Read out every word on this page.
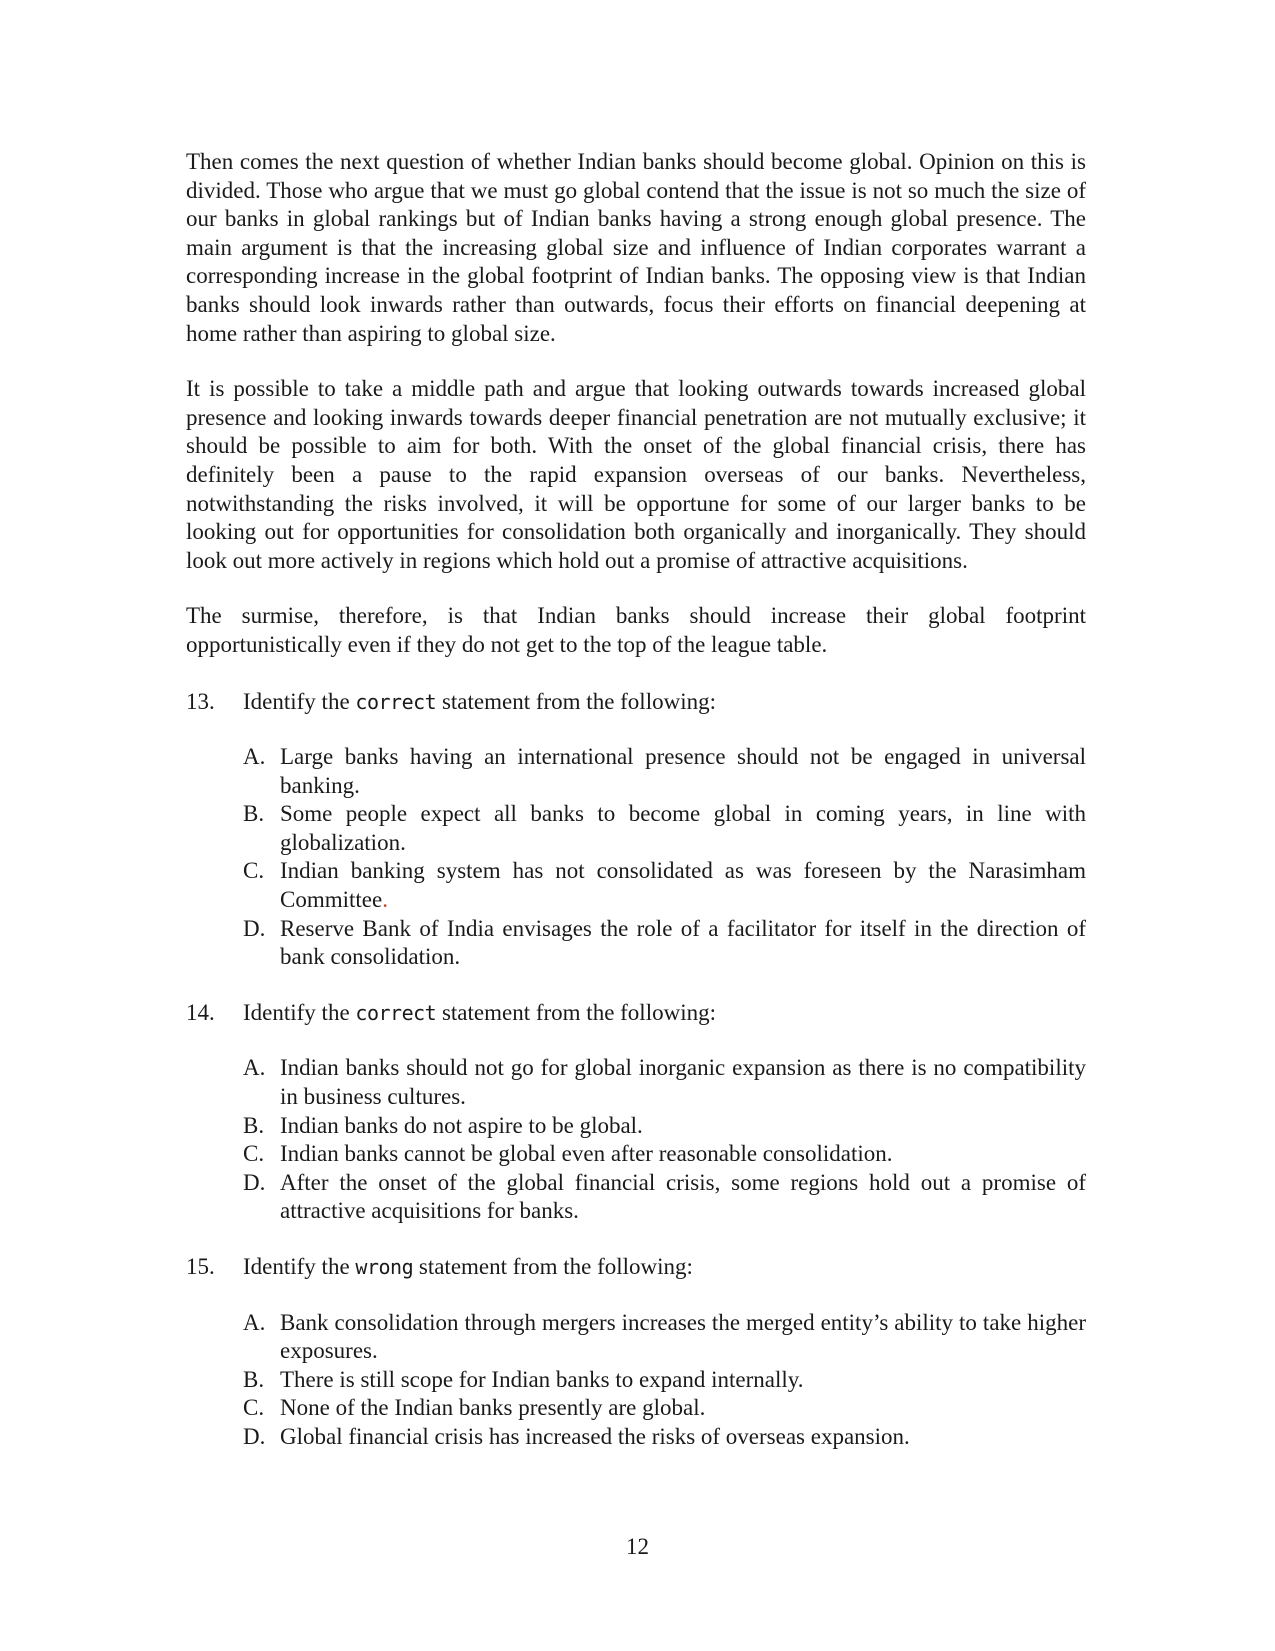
Then comes the next question of whether Indian banks should become global. Opinion on this is divided. Those who argue that we must go global contend that the issue is not so much the size of our banks in global rankings but of Indian banks having a strong enough global presence. The main argument is that the increasing global size and influence of Indian corporates warrant a corresponding increase in the global footprint of Indian banks. The opposing view is that Indian banks should look inwards rather than outwards, focus their efforts on financial deepening at home rather than aspiring to global size.

It is possible to take a middle path and argue that looking outwards towards increased global presence and looking inwards towards deeper financial penetration are not mutually exclusive; it should be possible to aim for both. With the onset of the global financial crisis, there has definitely been a pause to the rapid expansion overseas of our banks. Nevertheless, notwithstanding the risks involved, it will be opportune for some of our larger banks to be looking out for opportunities for consolidation both organically and inorganically. They should look out more actively in regions which hold out a promise of attractive acquisitions.

The surmise, therefore, is that Indian banks should increase their global footprint opportunistically even if they do not get to the top of the league table.

13.	Identify the correct statement from the following:
A. Large banks having an international presence should not be engaged in universal banking.
B. Some people expect all banks to become global in coming years, in line with globalization.
C. Indian banking system has not consolidated as was foreseen by the Narasimham Committee.
D. Reserve Bank of India envisages the role of a facilitator for itself in the direction of bank consolidation.
14.	Identify the correct statement from the following:
A. Indian banks should not go for global inorganic expansion as there is no compatibility in business cultures.
B. Indian banks do not aspire to be global.
C. Indian banks cannot be global even after reasonable consolidation.
D. After the onset of the global financial crisis, some regions hold out a promise of attractive acquisitions for banks.
15.	Identify the wrong statement from the following:
A. Bank consolidation through mergers increases the merged entity’s ability to take higher exposures.
B. There is still scope for Indian banks to expand internally.
C. None of the Indian banks presently are global.
D. Global financial crisis has increased the risks of overseas expansion.
12
